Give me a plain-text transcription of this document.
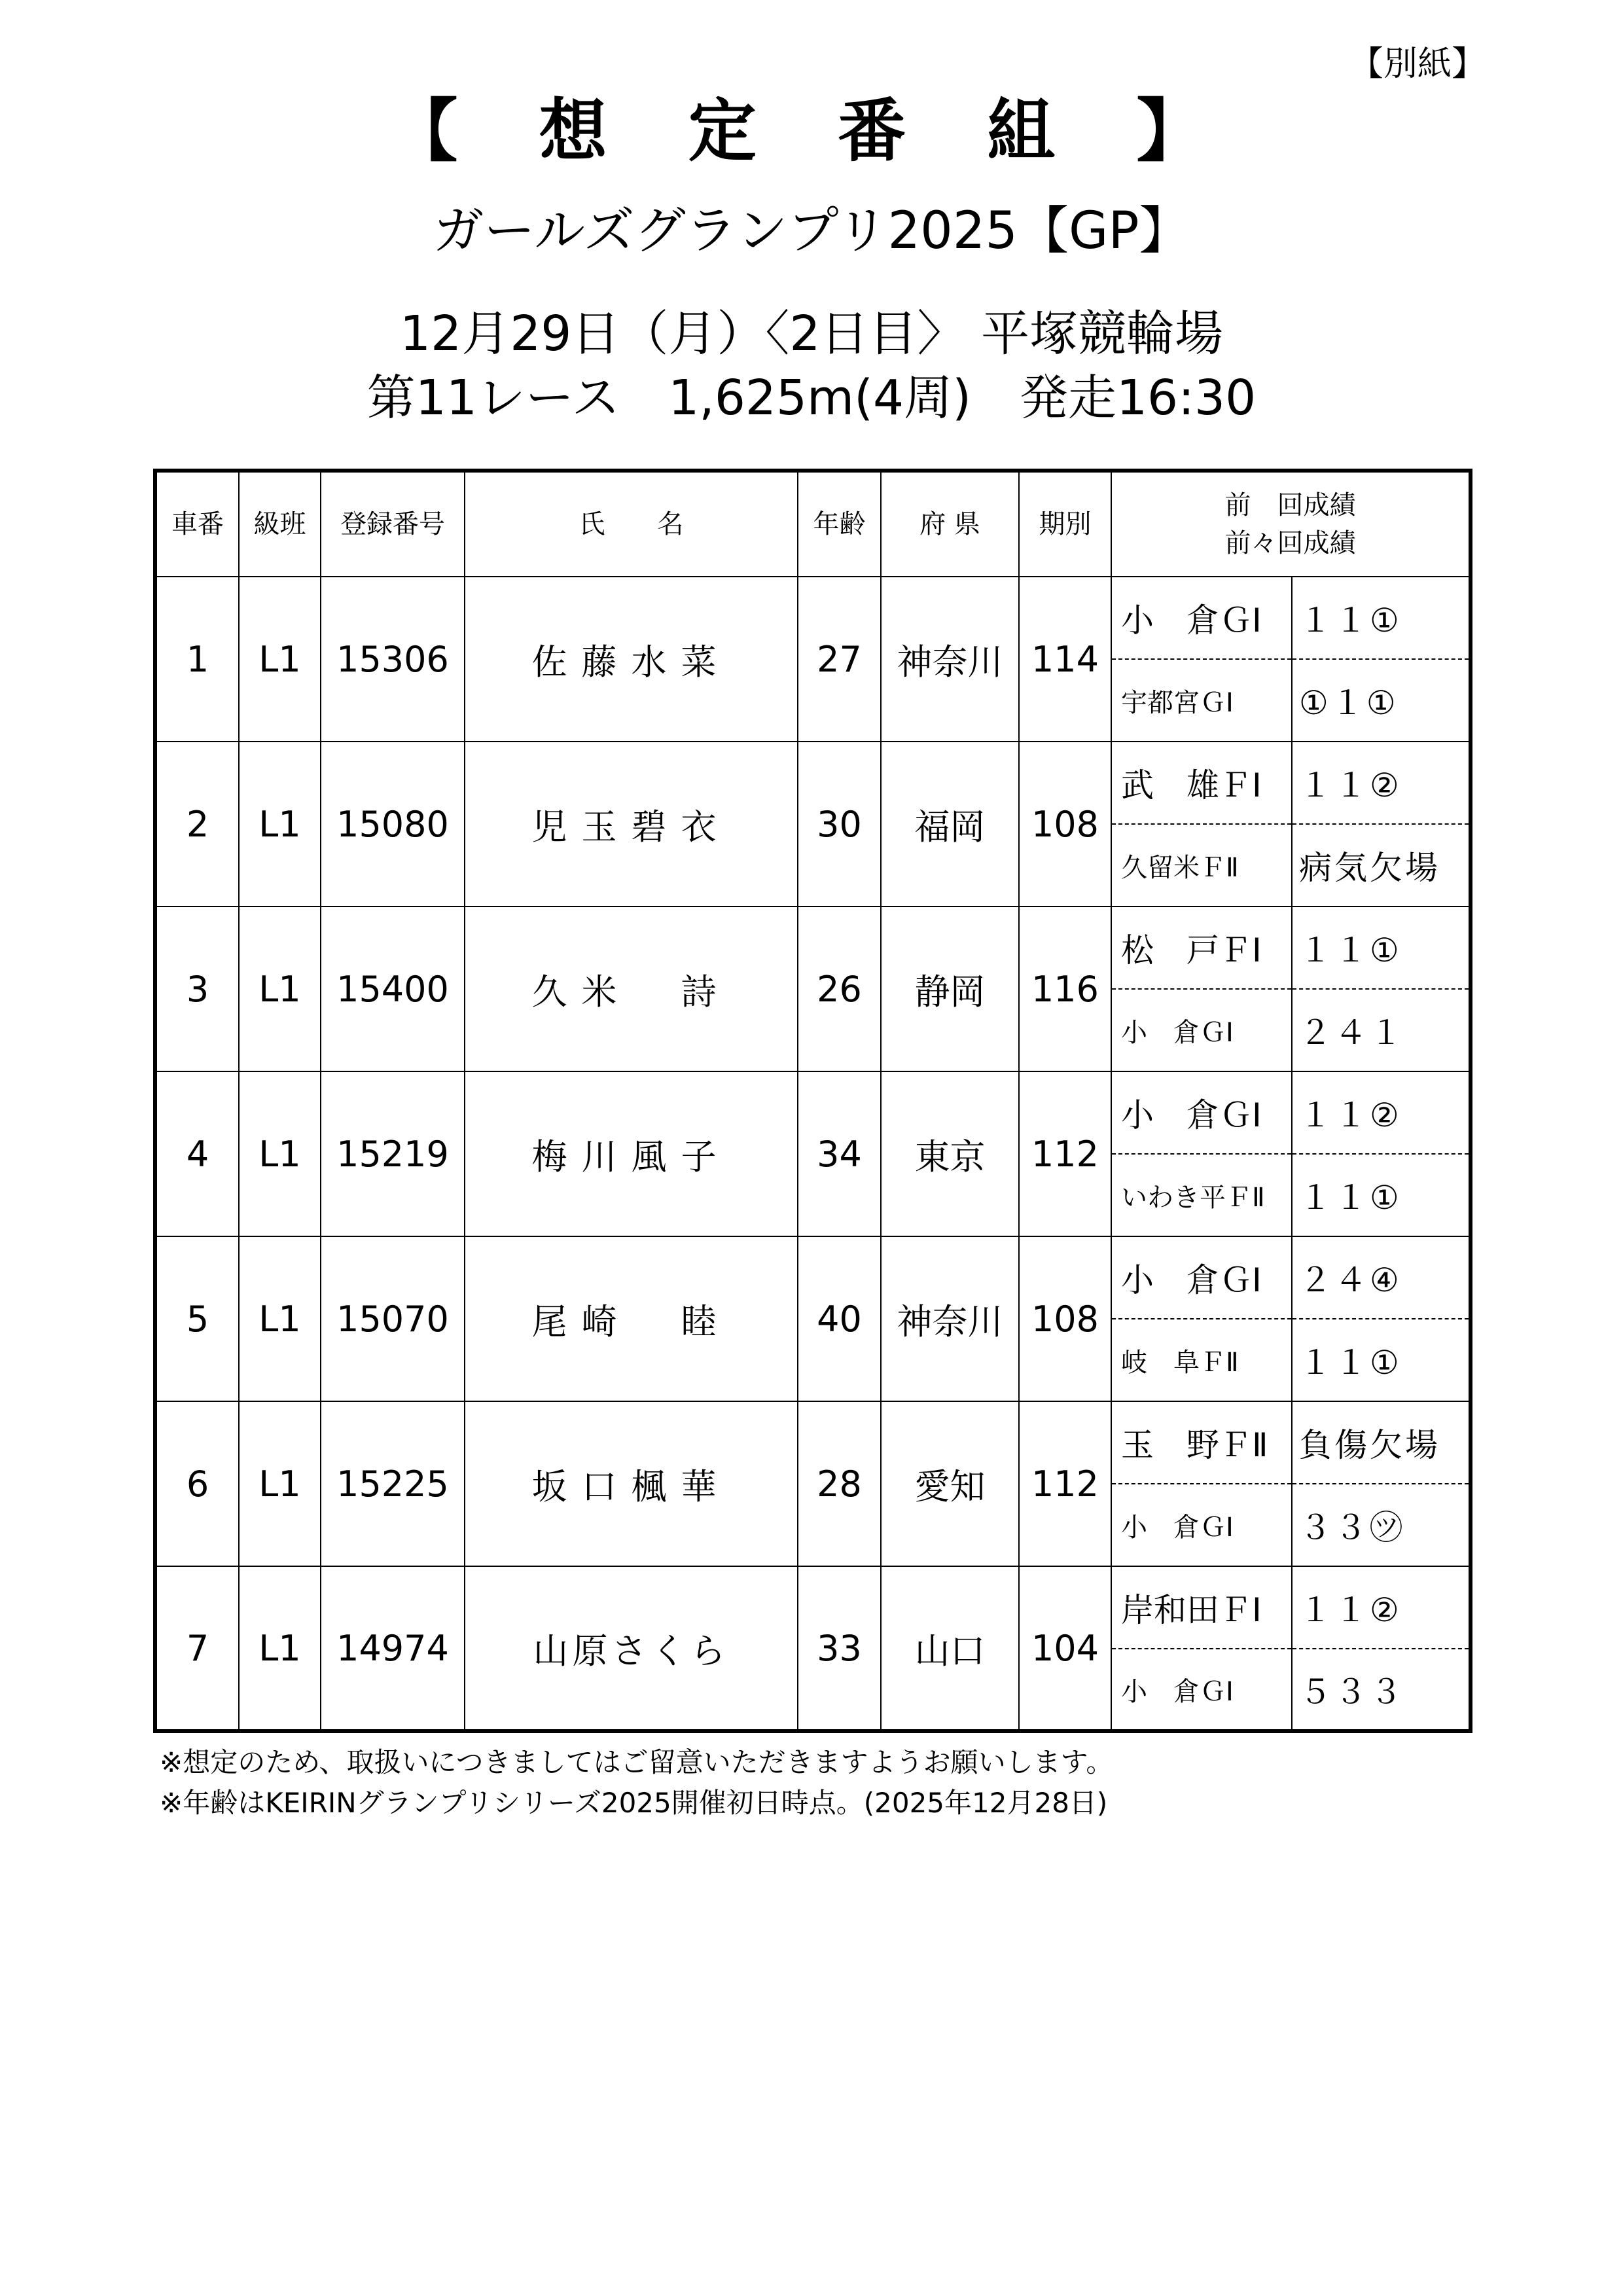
【別紙】
【 想 定 番 組 】
ガールズグランプリ2025【GP】
12月29日（月）〈2日目〉 平塚競輪場
第11レース　1,625m(4周)　発走16:30
車番	級班	登録番号	氏　　名	年齢	府 県	期別	前　回成績
前々回成績	

1	L1	15306	佐藤水菜	27	神奈川	114	小　倉ＧⅠ	１１①
							宇都宮ＧⅠ	①１①
2	L1	15080	児玉碧衣	30	福岡	108	武　雄ＦⅠ	１１②
							久留米ＦⅡ	病気欠場
3	L1	15400	久米　詩	26	静岡	116	松　戸ＦⅠ	１１①
							小　倉ＧⅠ	２４１
4	L1	15219	梅川風子	34	東京	112	小　倉ＧⅠ	１１②
							いわき平ＦⅡ	１１①
5	L1	15070	尾崎　睦	40	神奈川	108	小　倉ＧⅠ	２４④
							岐　阜ＦⅡ	１１①
6	L1	15225	坂口楓華	28	愛知	112	玉　野ＦⅡ	負傷欠場
							小　倉ＧⅠ	３３㋡
7	L1	14974	山原さくら	33	山口	104	岸和田ＦⅠ	１１②
							小　倉ＧⅠ	５３３
※想定のため、取扱いにつきましてはご留意いただきますようお願いします。
※年齢はKEIRINグランプリシリーズ2025開催初日時点。(2025年12月28日)
